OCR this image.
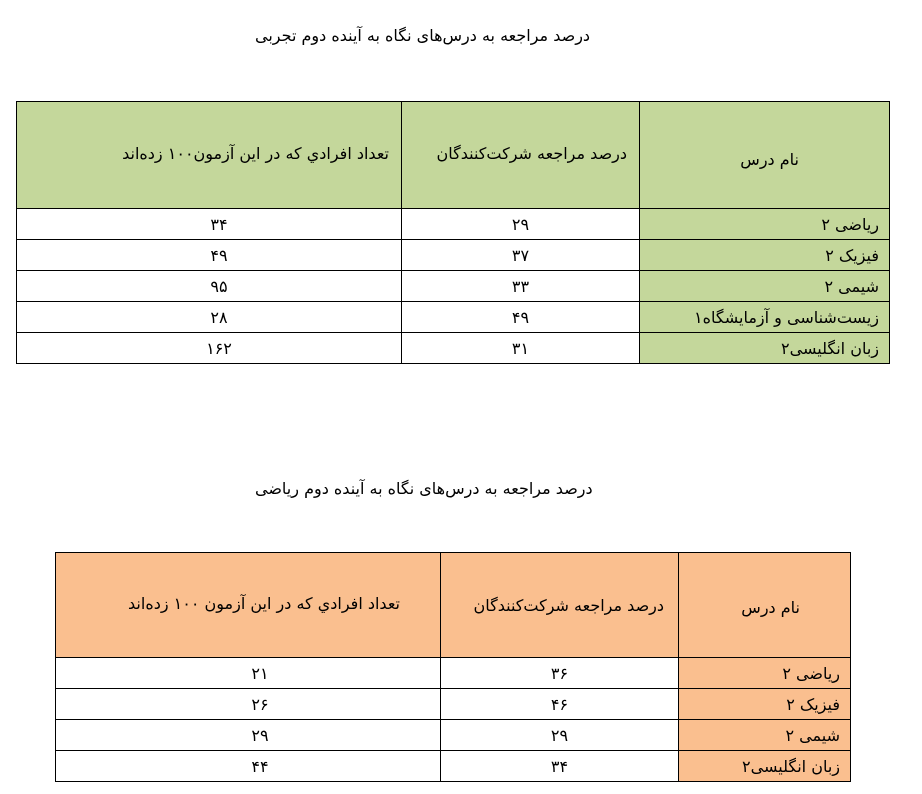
درصد مراجعه به درس‌های نگاه به آینده دوم تجربی
نام درس	درصد مراجعه شرکت‌کنندگان	تعداد افرادي که در اين آزمون۱۰۰ زده‌اند
ریاضی ۲	۲۹	۳۴
فیزیک ۲	۳۷	۴۹
شیمی ۲	۳۳	۹۵
زیست‌شناسی و آزمایشگاه۱	۴۹	۲۸
زبان انگلیسی۲	۳۱	۱۶۲
درصد مراجعه به درس‌های نگاه به آینده دوم ریاضی
نام درس	درصد مراجعه شرکت‌کنندگان	تعداد افرادي که در اين آزمون ۱۰۰ زده‌اند
ریاضی ۲	۳۶	۲۱
فیزیک ۲	۴۶	۲۶
شیمی ۲	۲۹	۲۹
زبان انگلیسی۲	۳۴	۴۴
